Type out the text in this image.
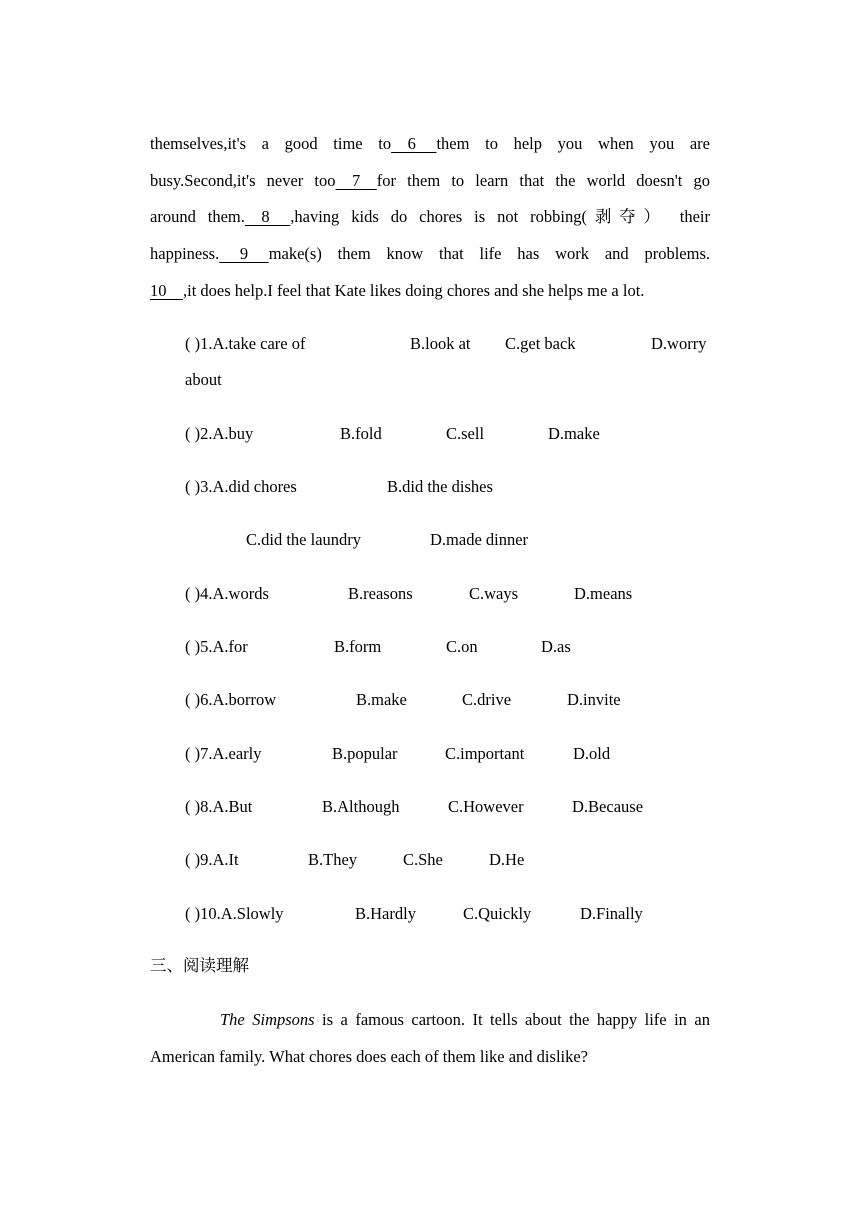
themselves,it's a good time to 6 them to help you when you are
busy.Second,it's never too 7 for them to learn that the world doesn't go
around them. 8 ,having kids do chores is not robbing(剥夺） their
happiness. 9 make(s) them know that life has work and problems.
10 ,it does help.I feel that Kate likes doing chores and she helps me a lot.
( )1.A.take care of	B.look at C.get back	D.worry

about
( )2.A.buy	B.fold	C.sell	D.make
( )3.A.did chores	B.did the dishes
C.did the laundry	D.made dinner
( )4.A.words	B.reasons	C.ways	D.means
( )5.A.for	B.form	C.on	D.as
( )6.A.borrow	B.make	C.drive	D.invite
( )7.A.early	B.popular	C.important	D.old
( )8.A.But	B.Although	C.However	D.Because
( )9.A.It	B.They	C.She	D.He
( )10.A.Slowly	B.Hardly	C.Quickly	D.Finally
三、阅读理解
The Simpsons is a famous cartoon. It tells about the happy life in an
American family. What chores does each of them like and dislike?
